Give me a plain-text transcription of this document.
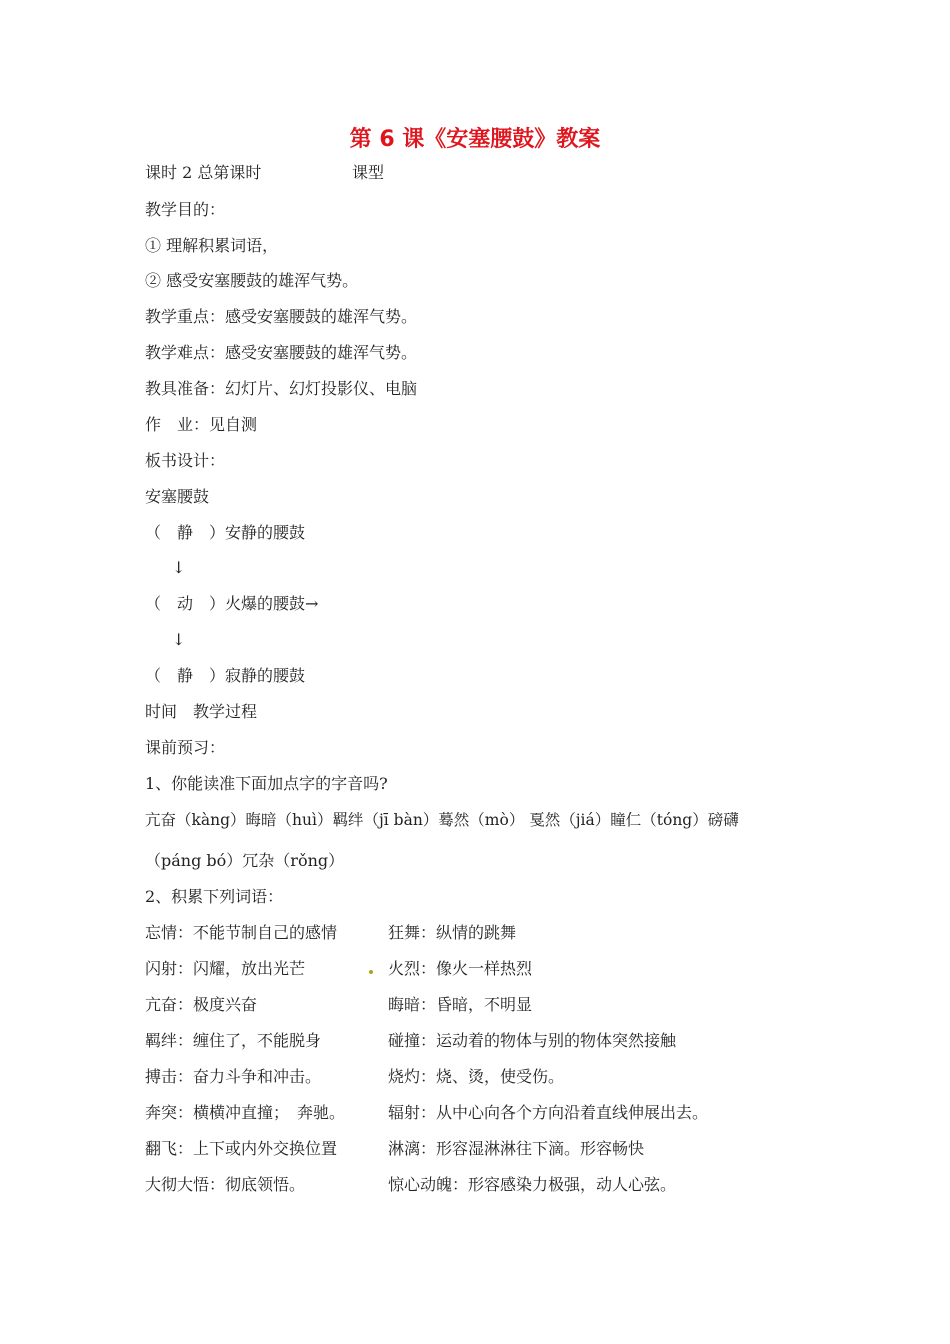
第 6 课《安塞腰鼓》教案
课时 2 总第课时	课型
教学目的：
① 理解积累词语，
② 感受安塞腰鼓的雄浑气势。
教学重点：感受安塞腰鼓的雄浑气势。
教学难点：感受安塞腰鼓的雄浑气势。
教具准备：幻灯片、幻灯投影仪、电脑
作　业：见自测
板书设计：
安塞腰鼓
（　静　）安静的腰鼓
↓
（　动　）火爆的腰鼓→
↓
（　静　）寂静的腰鼓
时间　教学过程
课前预习：
1、你能读准下面加点字的字音吗?
亢奋（kàng）晦暗（huì）羁绊（jī bàn）蓦然（mò） 戛然（jiá）瞳仁（tóng）磅礴
（páng bó）冗杂（rǒng）
2、积累下列词语：
忘情：不能节制自己的感情	狂舞：纵情的跳舞
闪射：闪耀，放出光芒	火烈：像火一样热烈
亢奋：极度兴奋	晦暗：昏暗，不明显
羁绊：缠住了，不能脱身	碰撞：运动着的物体与别的物体突然接触
搏击：奋力斗争和冲击。	烧灼：烧、烫，使受伤。
奔突：横横冲直撞；　奔驰。	辐射：从中心向各个方向沿着直线伸展出去。
翻飞：上下或内外交换位置	淋漓：形容湿淋淋往下滴。形容畅快
大彻大悟：彻底领悟。	惊心动魄：形容感染力极强，动人心弦。
